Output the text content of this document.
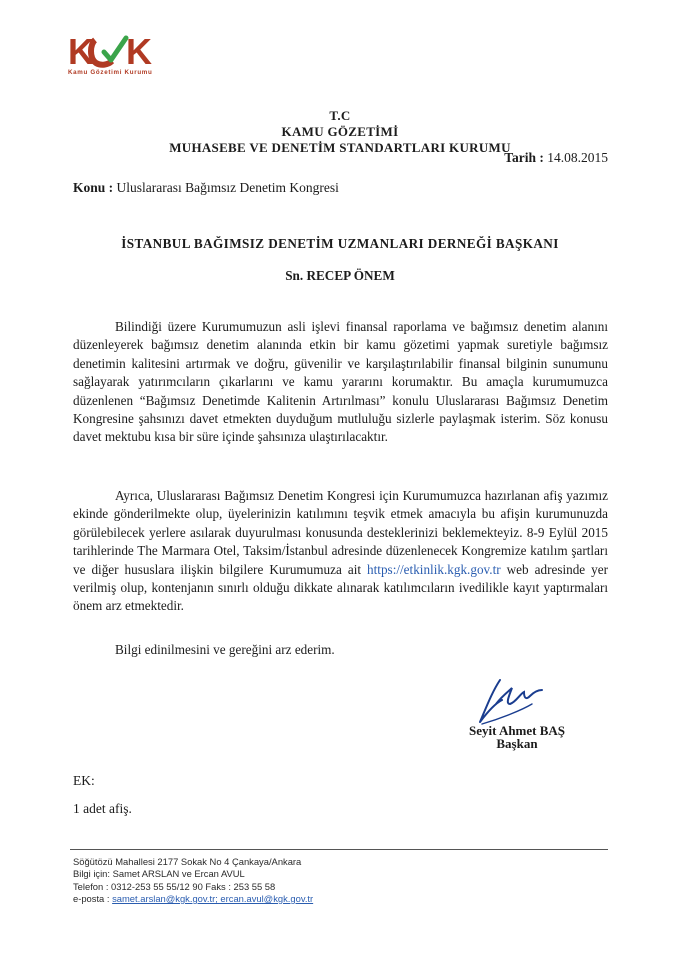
K K
Kamu Gözetimi Kurumu
T.C
KAMU GÖZETİMİ
MUHASEBE VE DENETİM STANDARTLARI KURUMU
Tarih : 14.08.2015
Konu : Uluslararası Bağımsız Denetim Kongresi
İSTANBUL BAĞIMSIZ DENETİM UZMANLARI DERNEĞİ BAŞKANI
Sn. RECEP ÖNEM

Bilindiği üzere Kurumumuzun asli işlevi finansal raporlama ve bağımsız denetim alanını düzenleyerek bağımsız denetim alanında etkin bir kamu gözetimi yapmak suretiyle bağımsız denetimin kalitesini artırmak ve doğru, güvenilir ve karşılaştırılabilir finansal bilginin sunumunu sağlayarak yatırımcıların çıkarlarını ve kamu yararını korumaktır. Bu amaçla kurumumuzca düzenlenen “Bağımsız Denetimde Kalitenin Artırılması” konulu Uluslararası Bağımsız Denetim Kongresine şahsınızı davet etmekten duyduğum mutluluğu sizlerle paylaşmak isterim. Söz konusu davet mektubu kısa bir süre içinde şahsınıza ulaştırılacaktır.

Ayrıca, Uluslararası Bağımsız Denetim Kongresi için Kurumumuzca hazırlanan afiş yazımız ekinde gönderilmekte olup, üyelerinizin katılımını teşvik etmek amacıyla bu afişin kurumunuzda görülebilecek yerlere asılarak duyurulması konusunda desteklerinizi beklemekteyiz. 8-9 Eylül 2015 tarihlerinde The Marmara Otel, Taksim/İstanbul adresinde düzenlenecek Kongremize katılım şartları ve diğer hususlara ilişkin bilgilere Kurumumuza ait https://etkinlik.kgk.gov.tr web adresinde yer verilmiş olup, kontenjanın sınırlı olduğu dikkate alınarak katılımcıların ivedilikle kayıt yaptırmaları önem arz etmektedir.

Bilgi edinilmesini ve gereğini arz ederim.

Seyit Ahmet BAŞ
Başkan
EK:
1 adet afiş.
Söğütözü Mahallesi 2177 Sokak No 4 Çankaya/Ankara
Bilgi için: Samet ARSLAN ve Ercan AVUL
Telefon : 0312-253 55 55/12 90 Faks : 253 55 58
e-posta : samet.arslan@kgk.gov.tr; ercan.avul@kgk.gov.tr
